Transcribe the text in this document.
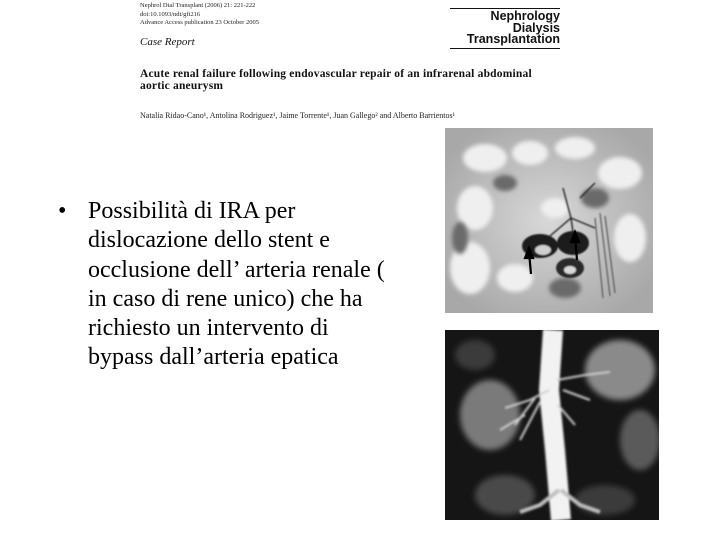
Nephrol Dial Transplant (2006) 21: 221-222
doi:10.1093/ndt/gfi216
Advance Access publication 23 October 2005
Case Report
Nephrology
Dialysis
Transplantation
Acute renal failure following endovascular repair of an infrarenal abdominal aortic aneurysm
Natalia Ridao-Cano¹, Antolina Rodriguez¹, Jaime Torrente¹, Juan Gallego² and Alberto Barrientos¹
• Possibilità di IRA per dislocazione dello stent e occlusione dell’ arteria renale ( in caso di rene unico) che ha richiesto un intervento di bypass dall’arteria epatica
